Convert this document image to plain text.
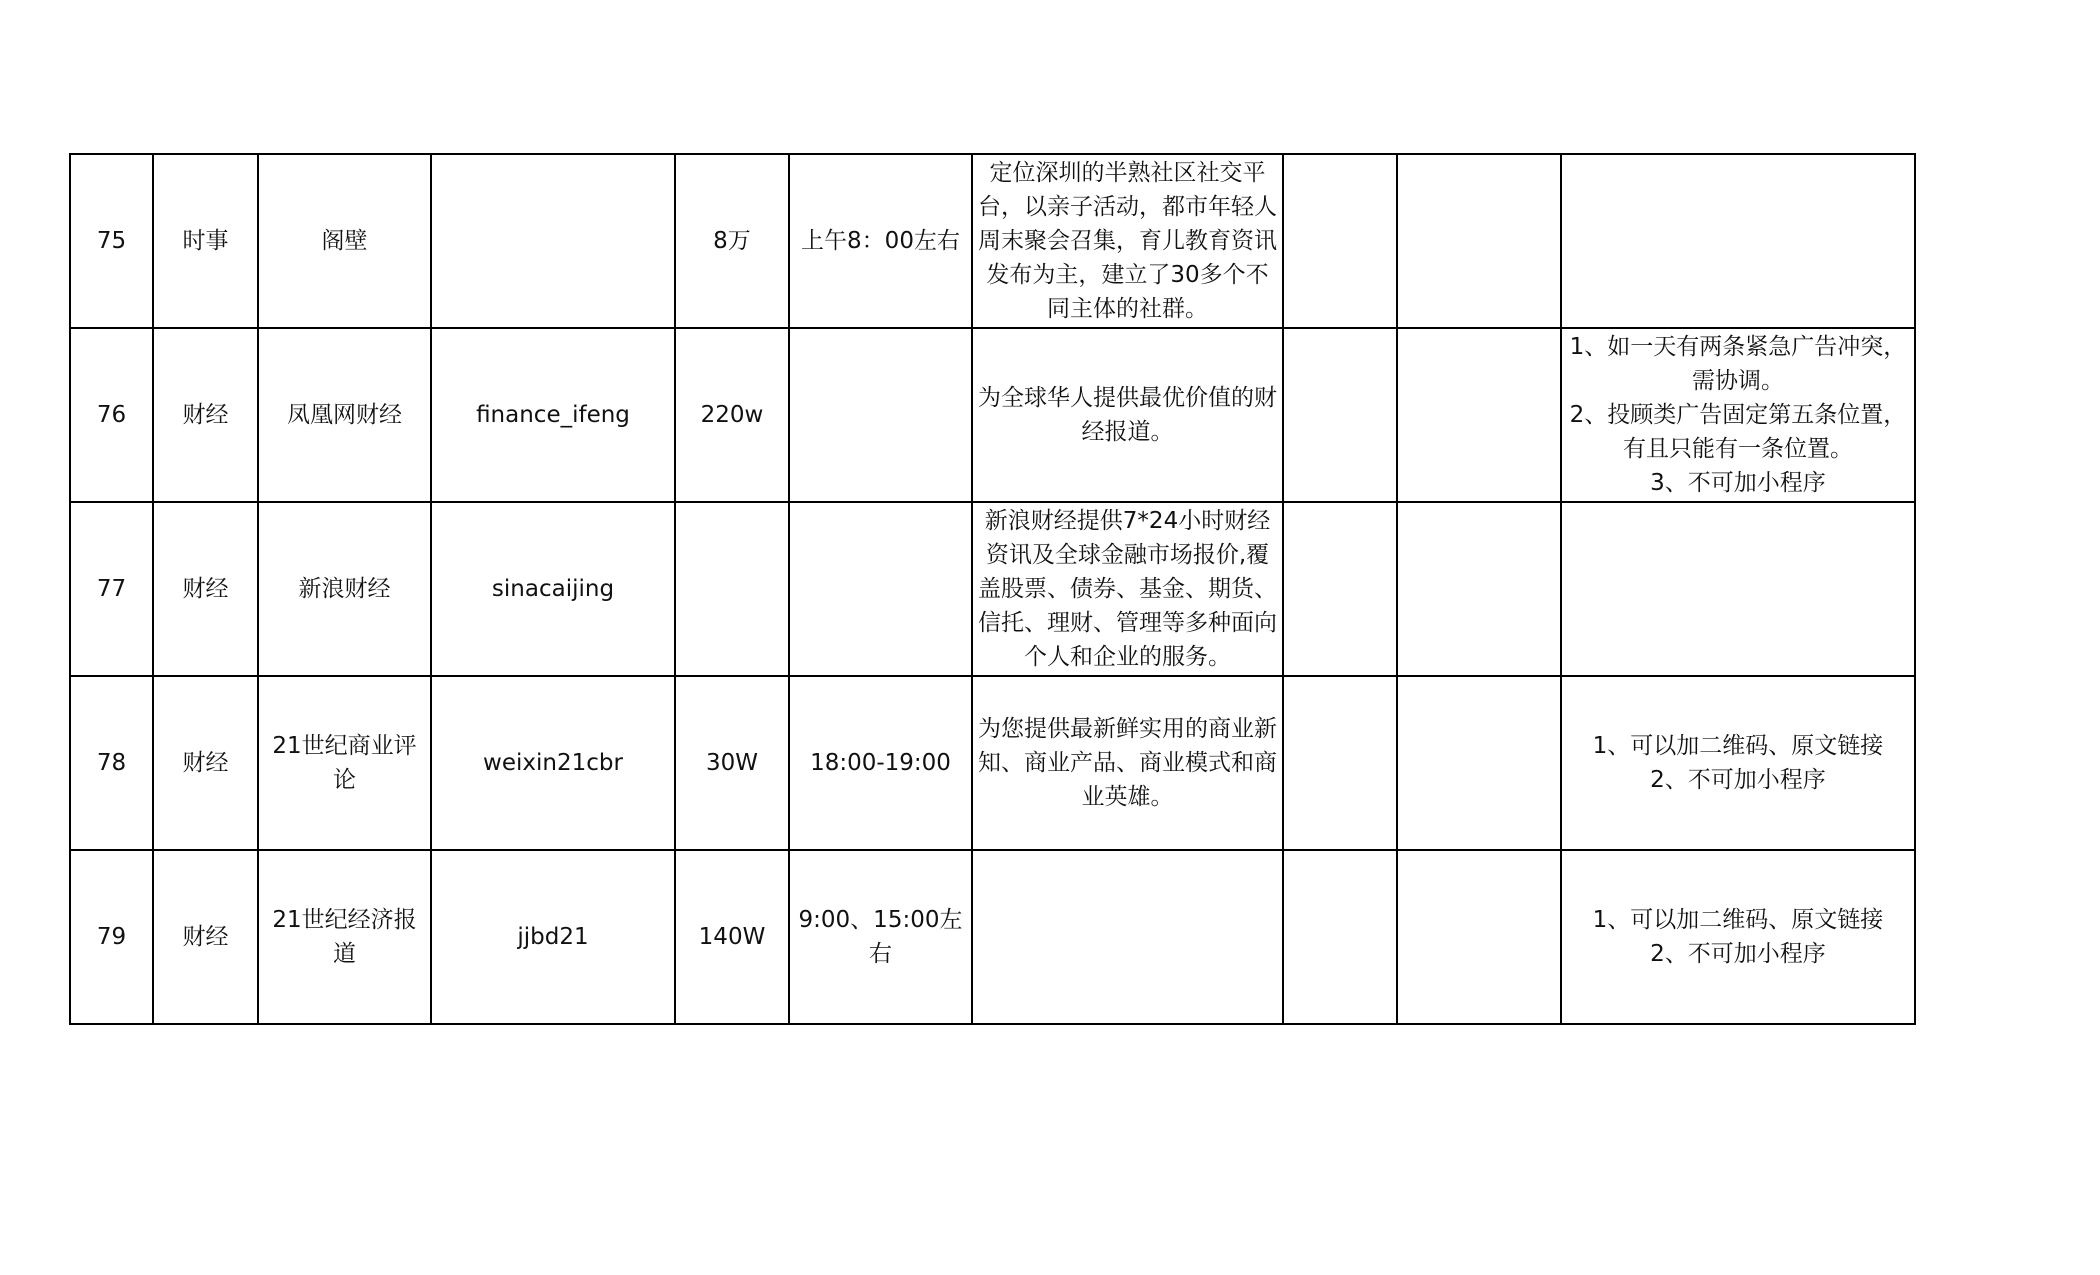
75	时事	阁壁		8万	上午8：00左右	定位深圳的半熟社区社交平台，以亲子活动，都市年轻人周末聚会召集，育儿教育资讯发布为主，建立了30多个不同主体的社群。			
76	财经	凤凰网财经	finance_ifeng	220w		为全球华人提供最优价值的财经报道。			1、如一天有两条紧急广告冲突，需协调。
2、投顾类广告固定第五条位置，有且只能有一条位置。
3、不可加小程序
77	财经	新浪财经	sinacaijing			新浪财经提供7*24小时财经资讯及全球金融市场报价,覆盖股票、债券、基金、期货、信托、理财、管理等多种面向个人和企业的服务。			
78	财经	21世纪商业评论	weixin21cbr	30W	18:00-19:00	为您提供最新鲜实用的商业新知、商业产品、商业模式和商业英雄。			1、可以加二维码、原文链接
2、不可加小程序
79	财经	21世纪经济报道	jjbd21	140W	9:00、15:00左右				1、可以加二维码、原文链接
2、不可加小程序
